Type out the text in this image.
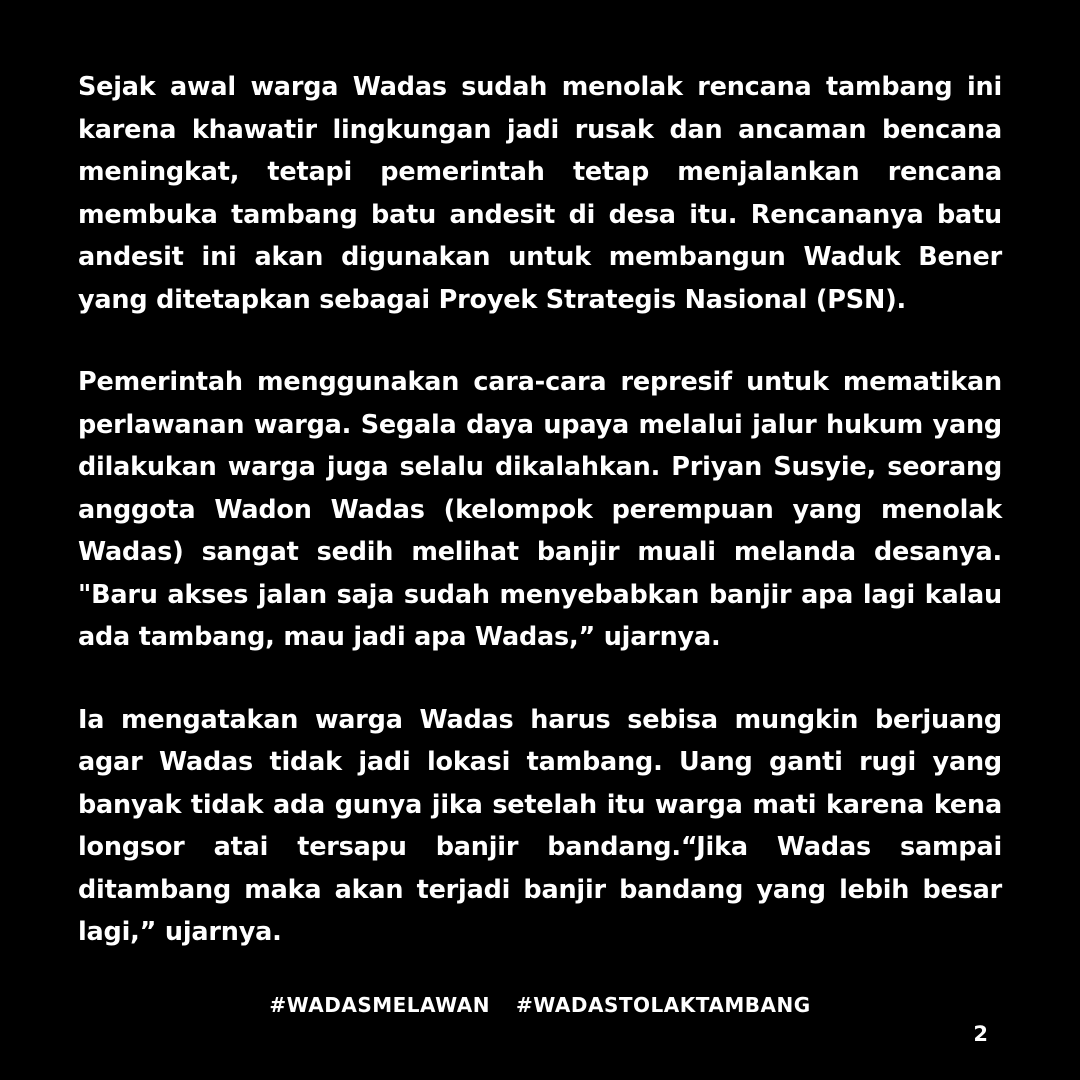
Sejak awal warga Wadas sudah menolak rencana tambang ini karena khawatir lingkungan jadi rusak dan ancaman bencana meningkat, tetapi pemerintah tetap menjalankan rencana membuka tambang batu andesit di desa itu. Rencananya batu andesit ini akan digunakan untuk membangun Waduk Bener yang ditetapkan sebagai Proyek Strategis Nasional (PSN).

Pemerintah menggunakan cara-cara represif untuk mematikan perlawanan warga. Segala daya upaya melalui jalur hukum yang dilakukan warga juga selalu dikalahkan. Priyan Susyie, seorang anggota Wadon Wadas (kelompok perempuan yang menolak Wadas) sangat sedih melihat banjir muali melanda desanya. "Baru akses jalan saja sudah menyebabkan banjir apa lagi kalau ada tambang, mau jadi apa Wadas,” ujarnya.

Ia mengatakan warga Wadas harus sebisa mungkin berjuang agar Wadas tidak jadi lokasi tambang. Uang ganti rugi yang banyak tidak ada gunya jika setelah itu warga mati karena kena longsor atai tersapu banjir bandang.“Jika Wadas sampai ditambang maka akan terjadi banjir bandang yang lebih besar lagi,” ujarnya.

#WADASMELAWAN #WADASTOLAKTAMBANG
2
